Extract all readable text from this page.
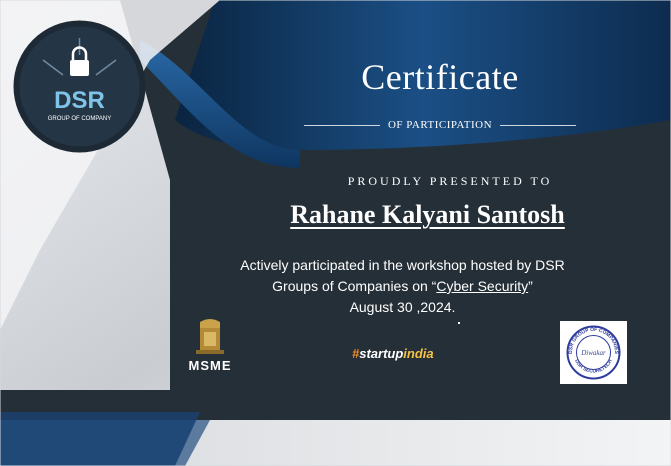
DSR
GROUP OF COMPANY
Certificate
OF PARTICIPATION
PROUDLY PRESENTED TO
Rahane Kalyani Santosh
Actively participated in the workshop hosted by DSR
Groups of Companies on “Cyber Security”
August 30 ,2024.
MSME
#startupindia	DSR GROUP OF COMPANIES
DSR SECURETECH
Diwakar
